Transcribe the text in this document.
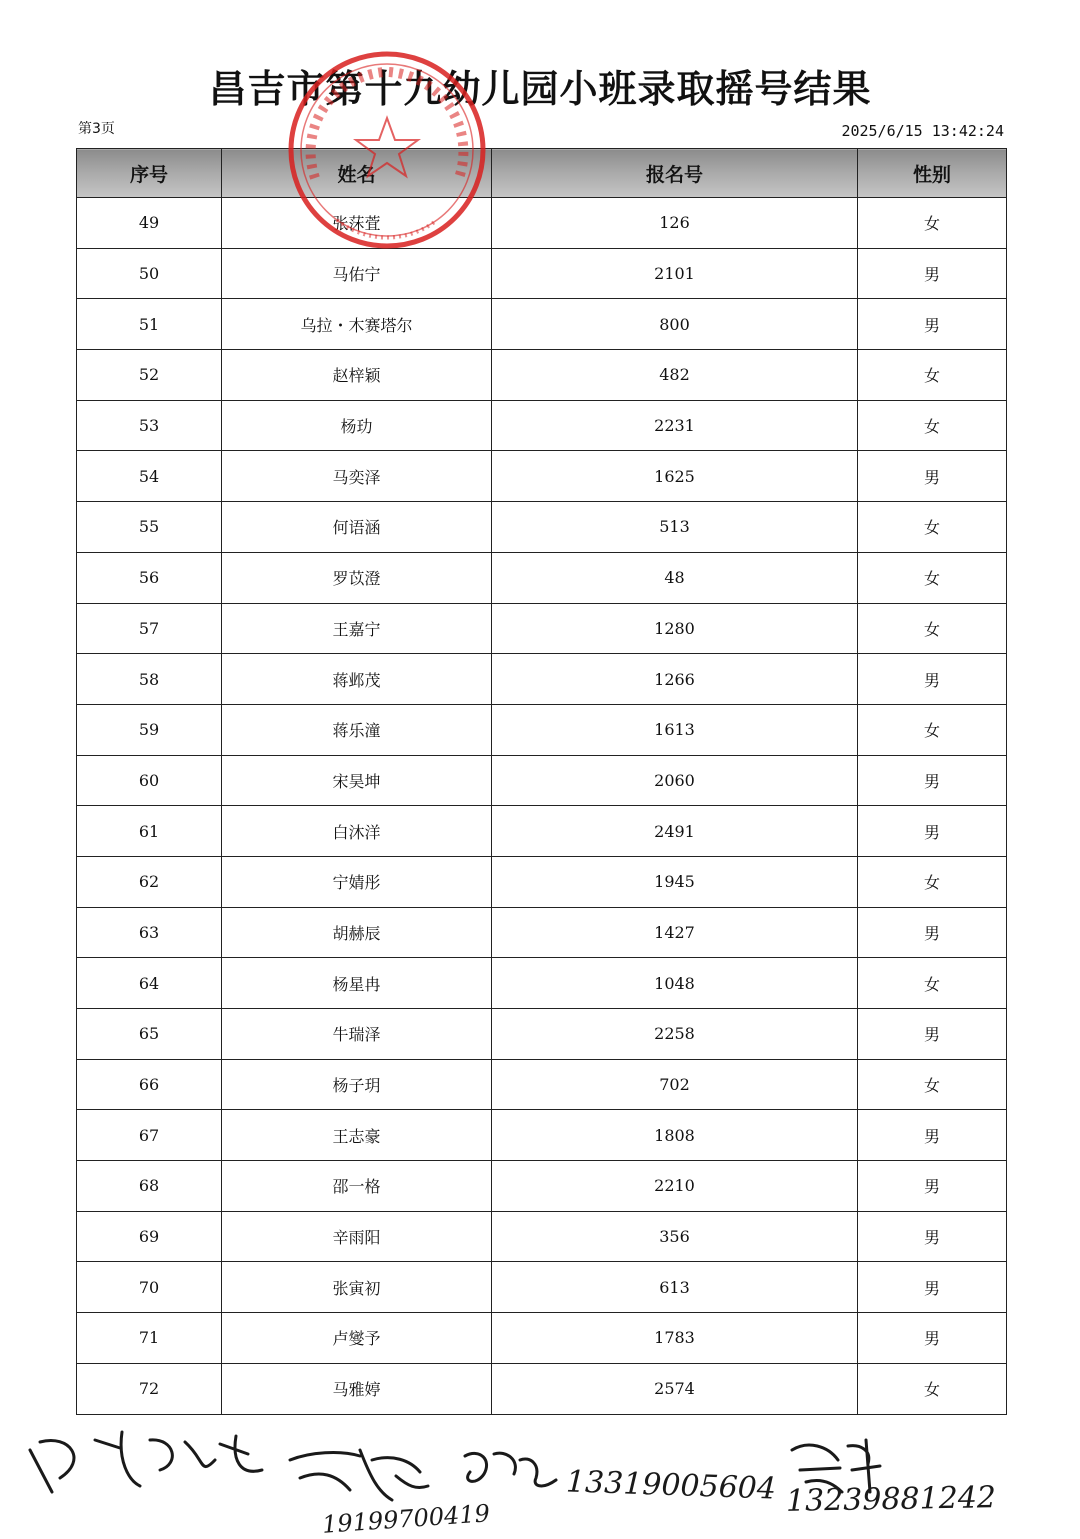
昌吉市第十九幼儿园小班录取摇号结果
第3页	2025/6/15 13:42:24
序号	姓名	报名号	性别
49	张莯萓	126	女
50	马佑宁	2101	男
51	乌拉・木赛塔尔	800	男
52	赵梓颖	482	女
53	杨玏	2231	女
54	马奕泽	1625	男
55	何语涵	513	女
56	罗苡澄	48	女
57	王嘉宁	1280	女
58	蒋邺茂	1266	男
59	蒋乐潼	1613	女
60	宋昊坤	2060	男
61	白沐洋	2491	男
62	宁婧彤	1945	女
63	胡赫辰	1427	男
64	杨星冉	1048	女
65	牛瑞泽	2258	男
66	杨子玥	702	女
67	王志豪	1808	男
68	邵一格	2210	男
69	辛雨阳	356	男
70	张寅初	613	男
71	卢燮予	1783	男
72	马雅婷	2574	女
19199700419
13319005604 13239881242
